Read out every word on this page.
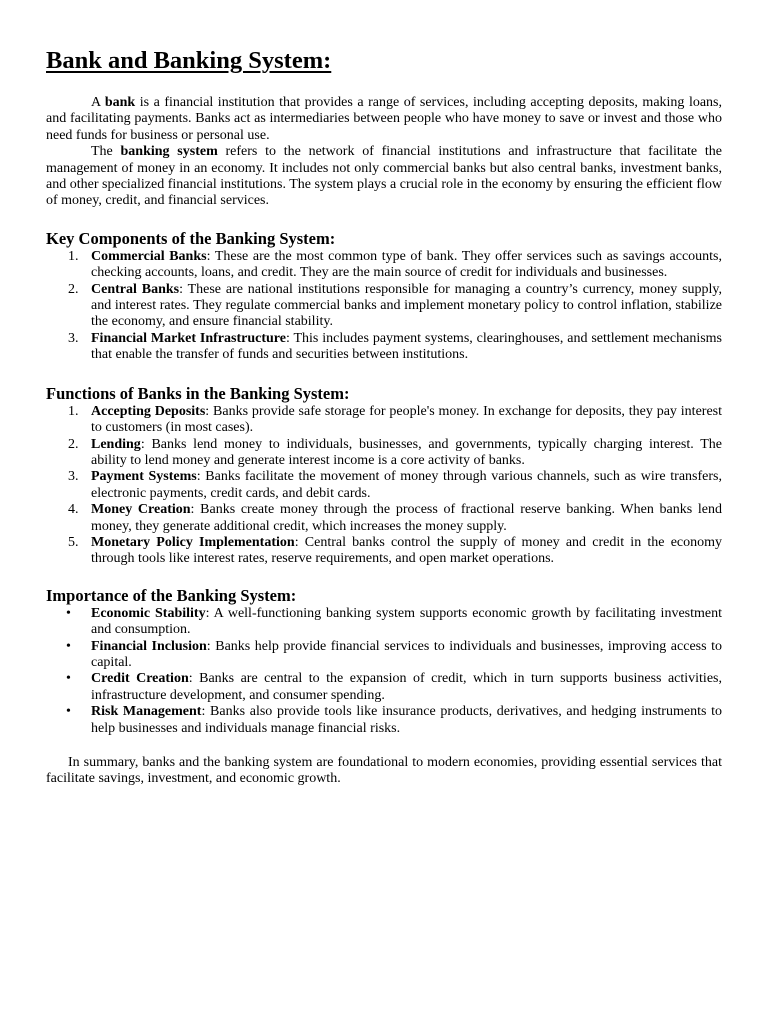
Bank and Banking System:

A bank is a financial institution that provides a range of services, including accepting deposits, making loans, and facilitating payments. Banks act as intermediaries between people who have money to save or invest and those who need funds for business or personal use.

The banking system refers to the network of financial institutions and infrastructure that facilitate the management of money in an economy. It includes not only commercial banks but also central banks, investment banks, and other specialized financial institutions. The system plays a crucial role in the economy by ensuring the efficient flow of money, credit, and financial services.

Key Components of the Banking System:
1. Commercial Banks: These are the most common type of bank. They offer services such as savings accounts, checking accounts, loans, and credit. They are the main source of credit for individuals and businesses.
2. Central Banks: These are national institutions responsible for managing a country’s currency, money supply, and interest rates. They regulate commercial banks and implement monetary policy to control inflation, stabilize the economy, and ensure financial stability.
3. Financial Market Infrastructure: This includes payment systems, clearinghouses, and settlement mechanisms that enable the transfer of funds and securities between institutions.
Functions of Banks in the Banking System:
1. Accepting Deposits: Banks provide safe storage for people's money. In exchange for deposits, they pay interest to customers (in most cases).
2. Lending: Banks lend money to individuals, businesses, and governments, typically charging interest. The ability to lend money and generate interest income is a core activity of banks.
3. Payment Systems: Banks facilitate the movement of money through various channels, such as wire transfers, electronic payments, credit cards, and debit cards.
4. Money Creation: Banks create money through the process of fractional reserve banking. When banks lend money, they generate additional credit, which increases the money supply.
5. Monetary Policy Implementation: Central banks control the supply of money and credit in the economy through tools like interest rates, reserve requirements, and open market operations.
Importance of the Banking System:
• Economic Stability: A well-functioning banking system supports economic growth by facilitating investment and consumption.
• Financial Inclusion: Banks help provide financial services to individuals and businesses, improving access to capital.
• Credit Creation: Banks are central to the expansion of credit, which in turn supports business activities, infrastructure development, and consumer spending.
• Risk Management: Banks also provide tools like insurance products, derivatives, and hedging instruments to help businesses and individuals manage financial risks.

In summary, banks and the banking system are foundational to modern economies, providing essential services that facilitate savings, investment, and economic growth.
